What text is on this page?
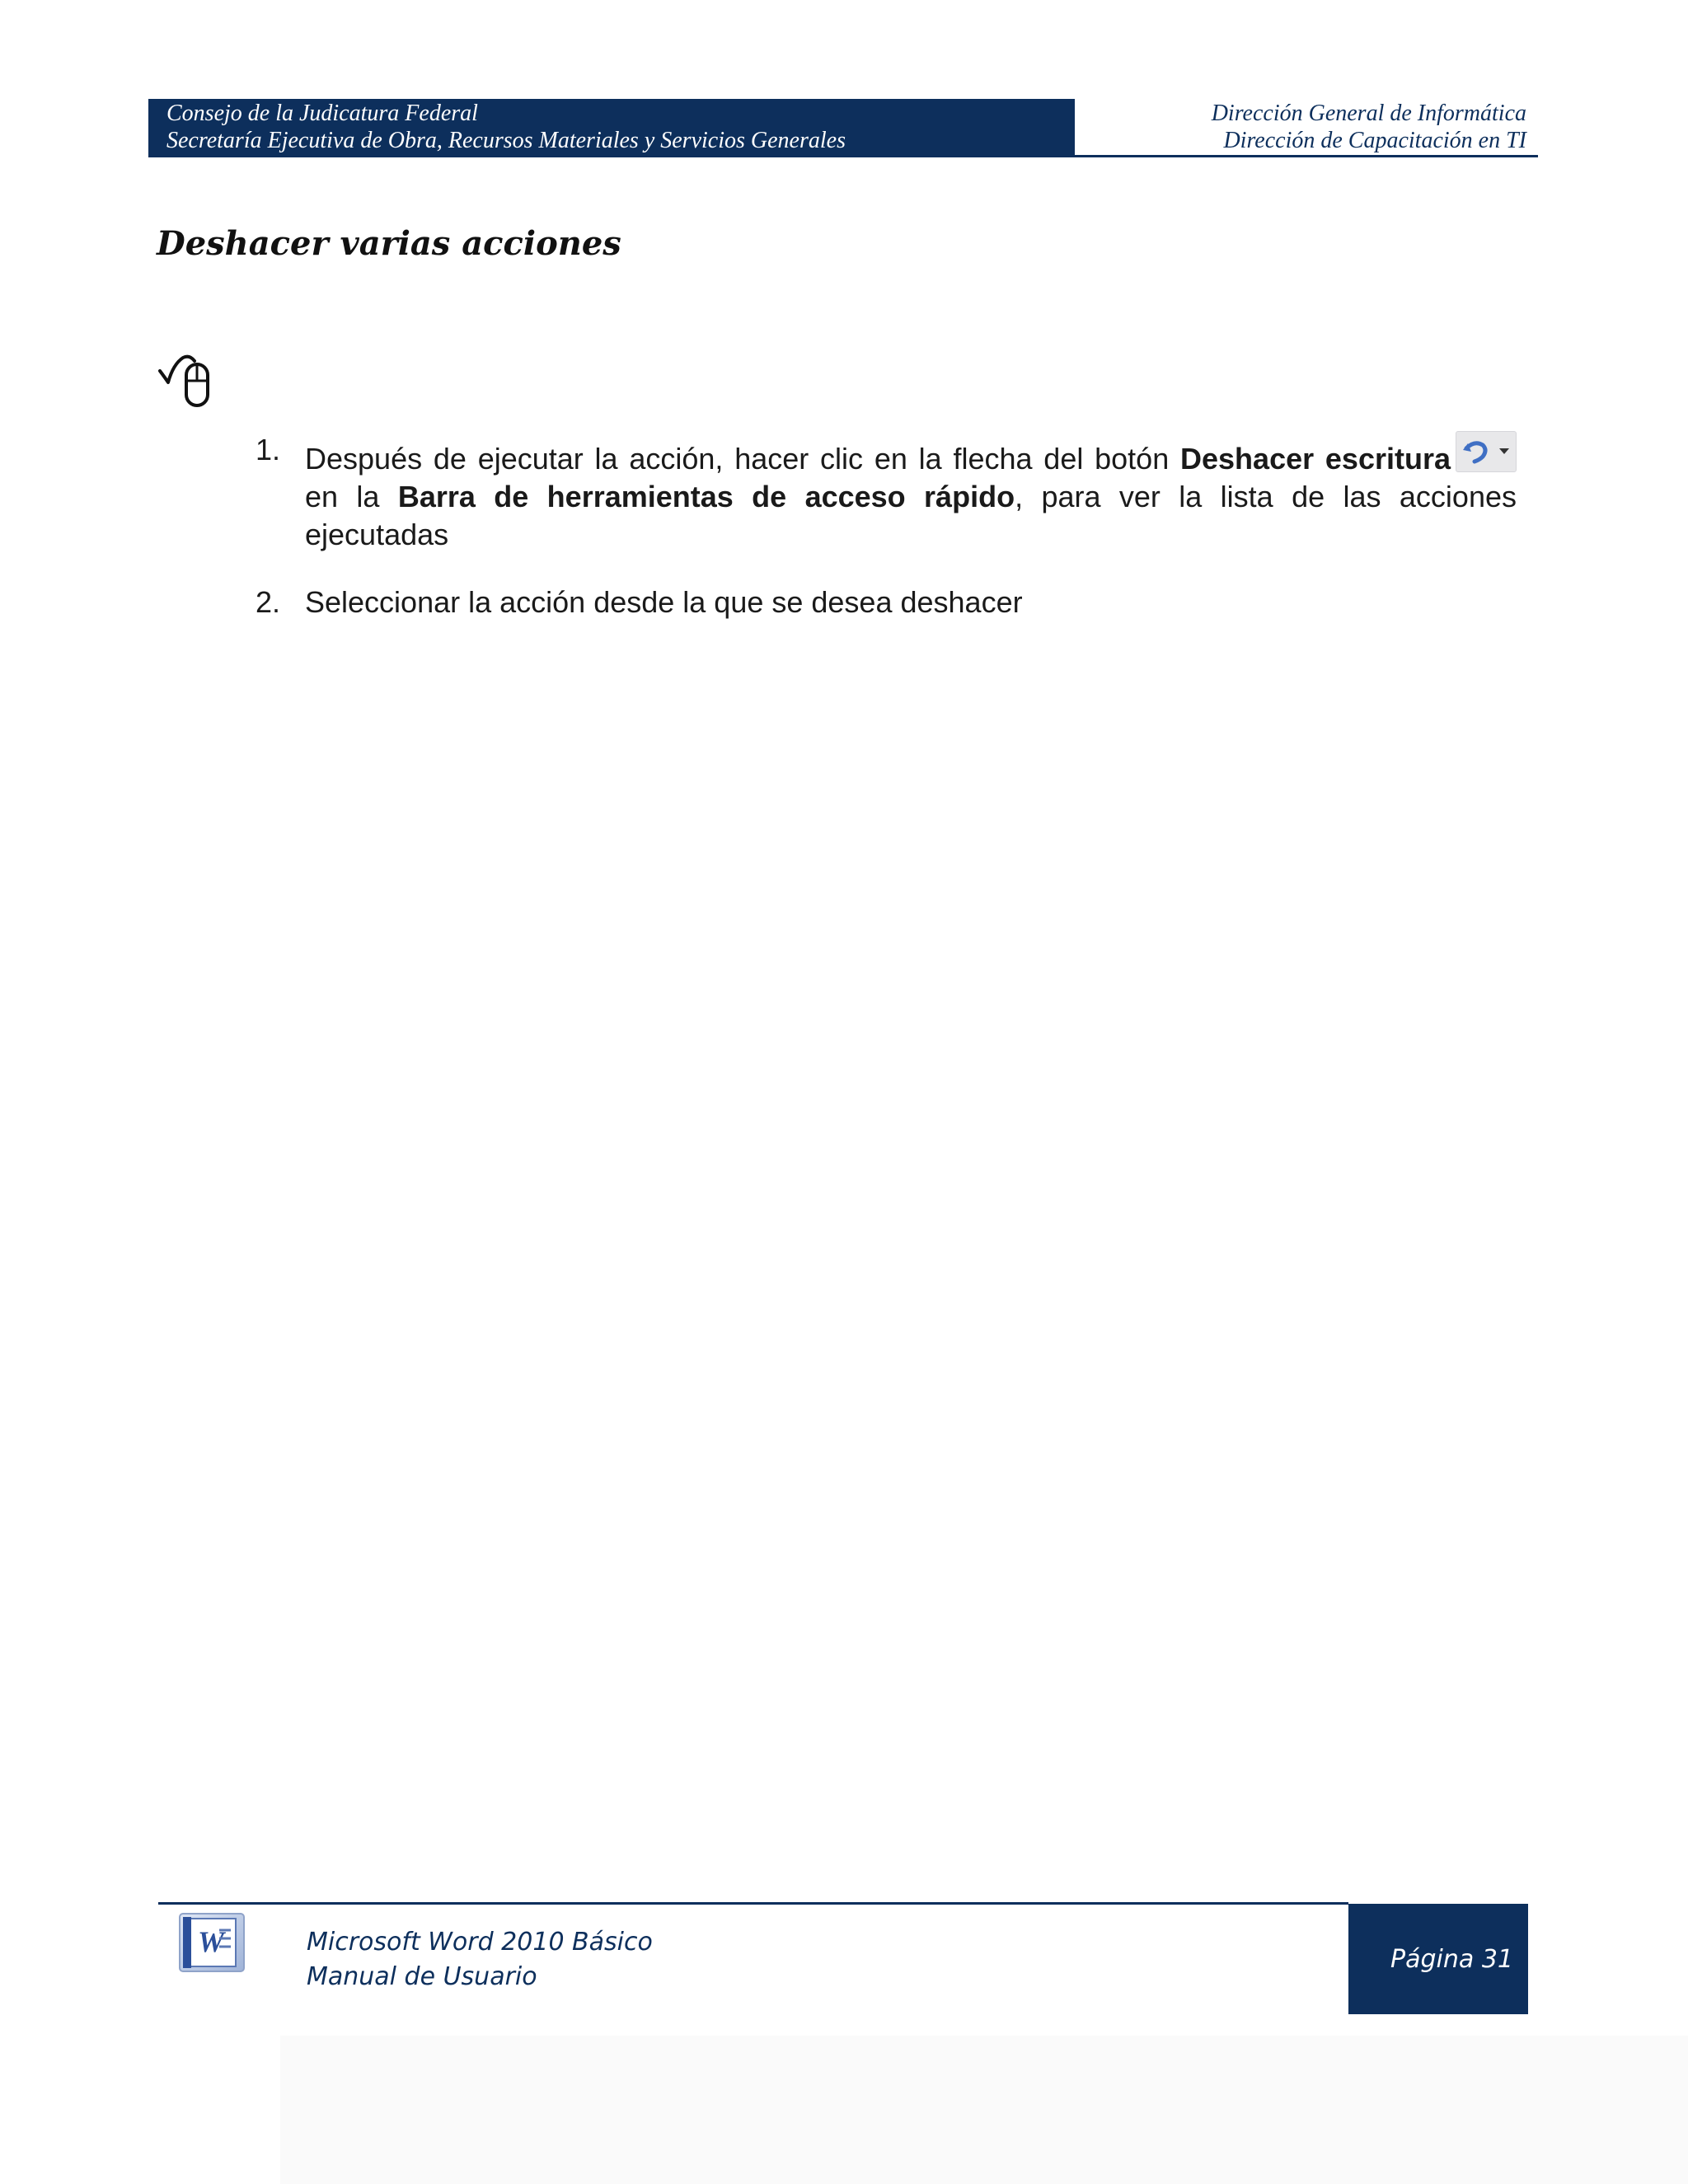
Consejo de la Judicatura Federal
Secretaría Ejecutiva de Obra, Recursos Materiales y Servicios Generales
Dirección General de Informática
Dirección de Capacitación en TI
Deshacer varias acciones
1. Después de ejecutar la acción, hacer clic en la flecha del botón Deshacer escritura
en la Barra de herramientas de acceso rápido, para ver la lista de las acciones ejecutadas
2. Seleccionar la acción desde la que se desea deshacer
W	Microsoft Word 2010 Básico
Manual de Usuario
Página 31
